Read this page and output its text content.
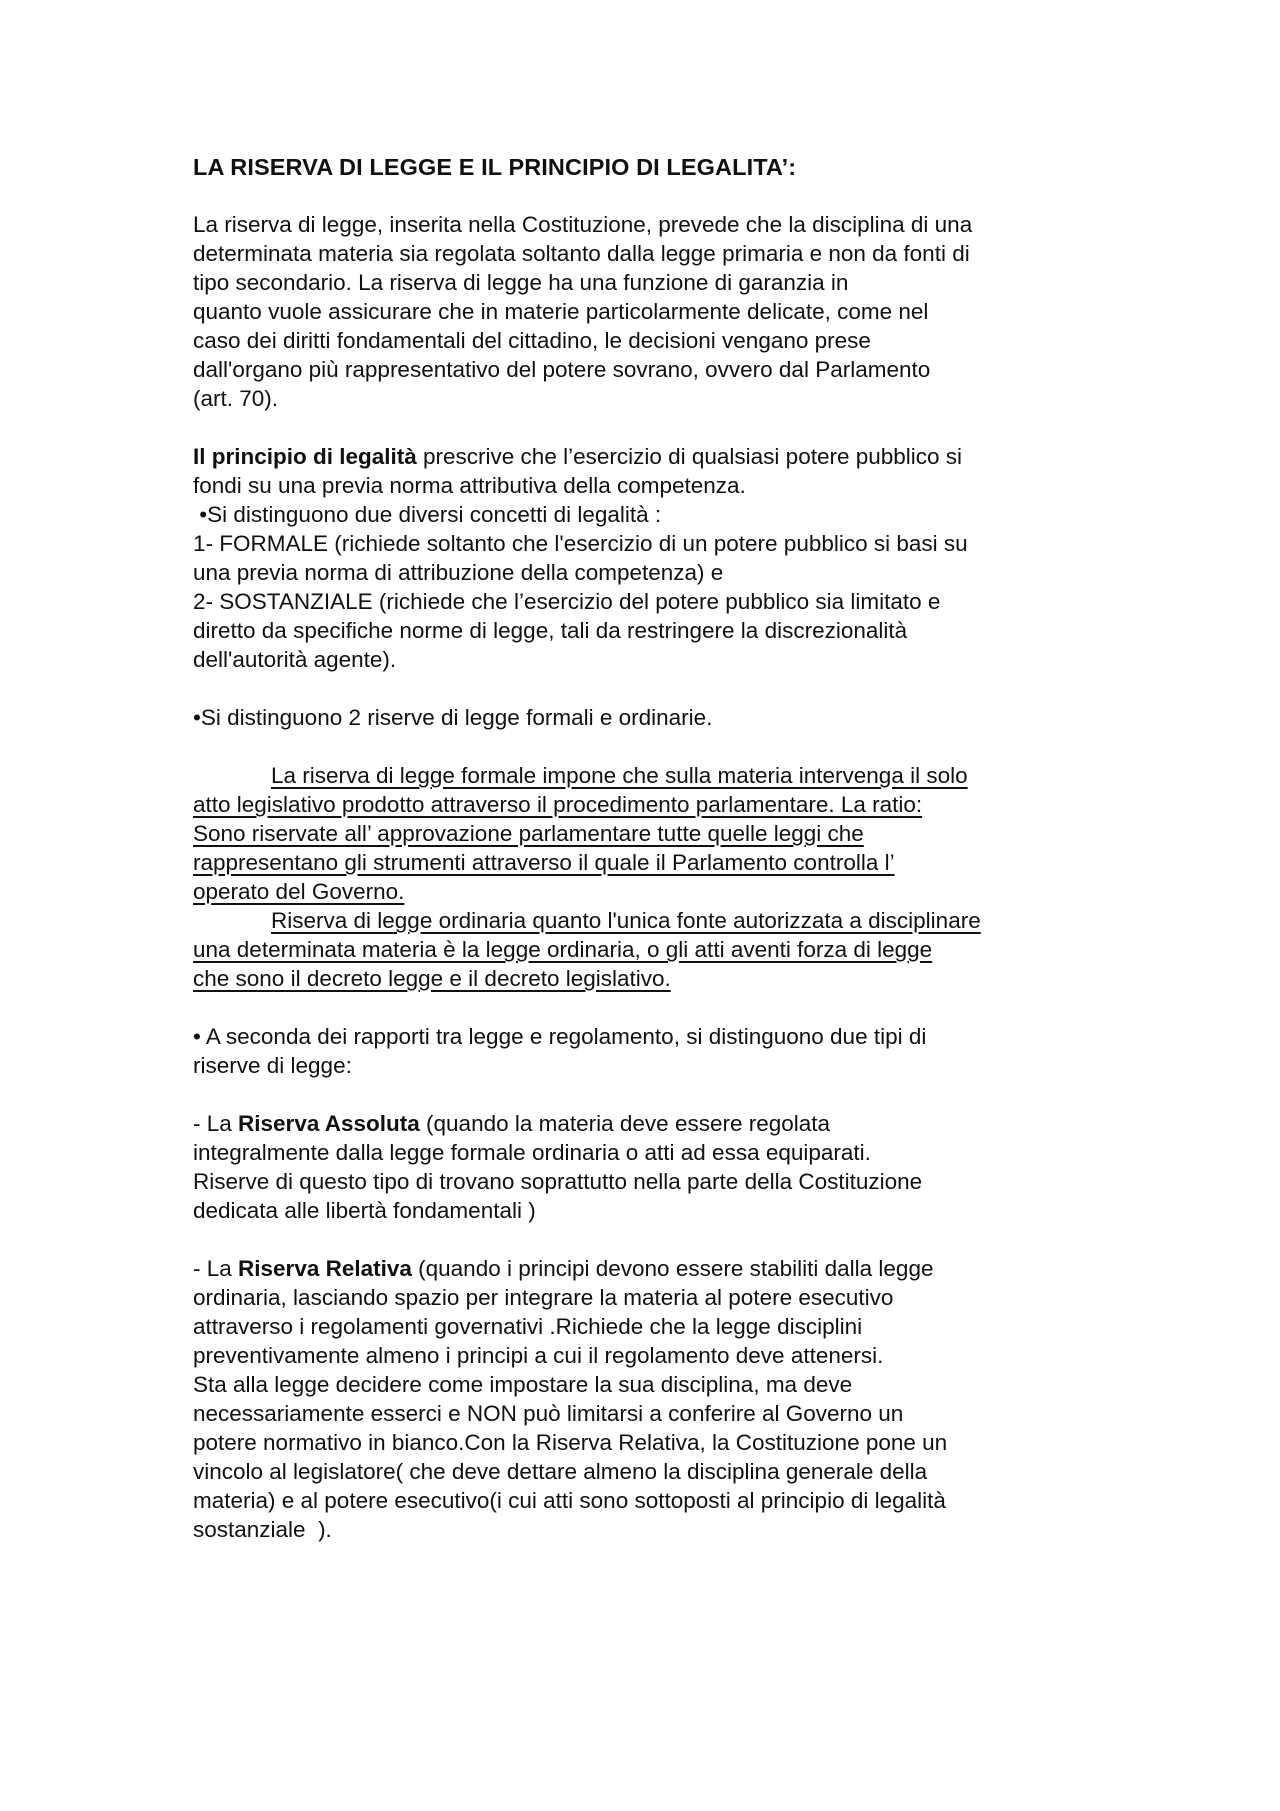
LA RISERVA DI LEGGE E IL PRINCIPIO DI LEGALITA’:
La riserva di legge, inserita nella Costituzione, prevede che la disciplina di una
determinata materia sia regolata soltanto dalla legge primaria e non da fonti di
tipo secondario. La riserva di legge ha una funzione di garanzia in
quanto vuole assicurare che in materie particolarmente delicate, come nel
caso dei diritti fondamentali del cittadino, le decisioni vengano prese
dall'organo più rappresentativo del potere sovrano, ovvero dal Parlamento
(art. 70).
Il principio di legalità prescrive che l’esercizio di qualsiasi potere pubblico si
fondi su una previa norma attributiva della competenza.
•Si distinguono due diversi concetti di legalità :
1- FORMALE (richiede soltanto che l'esercizio di un potere pubblico si basi su
una previa norma di attribuzione della competenza) e
2- SOSTANZIALE (richiede che l’esercizio del potere pubblico sia limitato e
diretto da specifiche norme di legge, tali da restringere la discrezionalità
dell'autorità agente).
•Si distinguono 2 riserve di legge formali e ordinarie.
La riserva di legge formale impone che sulla materia intervenga il solo
atto legislativo prodotto attraverso il procedimento parlamentare. La ratio:
Sono riservate all’ approvazione parlamentare tutte quelle leggi che
rappresentano gli strumenti attraverso il quale il Parlamento controlla l’
operato del Governo.
Riserva di legge ordinaria quanto l'unica fonte autorizzata a disciplinare
una determinata materia è la legge ordinaria, o gli atti aventi forza di legge
che sono il decreto legge e il decreto legislativo.
• A seconda dei rapporti tra legge e regolamento, si distinguono due tipi di
riserve di legge:
- La Riserva Assoluta (quando la materia deve essere regolata
integralmente dalla legge formale ordinaria o atti ad essa equiparati.
Riserve di questo tipo di trovano soprattutto nella parte della Costituzione
dedicata alle libertà fondamentali )
- La Riserva Relativa (quando i principi devono essere stabiliti dalla legge
ordinaria, lasciando spazio per integrare la materia al potere esecutivo
attraverso i regolamenti governativi .Richiede che la legge disciplini
preventivamente almeno i principi a cui il regolamento deve attenersi.
Sta alla legge decidere come impostare la sua disciplina, ma deve
necessariamente esserci e NON può limitarsi a conferire al Governo un
potere normativo in bianco.Con la Riserva Relativa, la Costituzione pone un
vincolo al legislatore( che deve dettare almeno la disciplina generale della
materia) e al potere esecutivo(i cui atti sono sottoposti al principio di legalità
sostanziale  ).
